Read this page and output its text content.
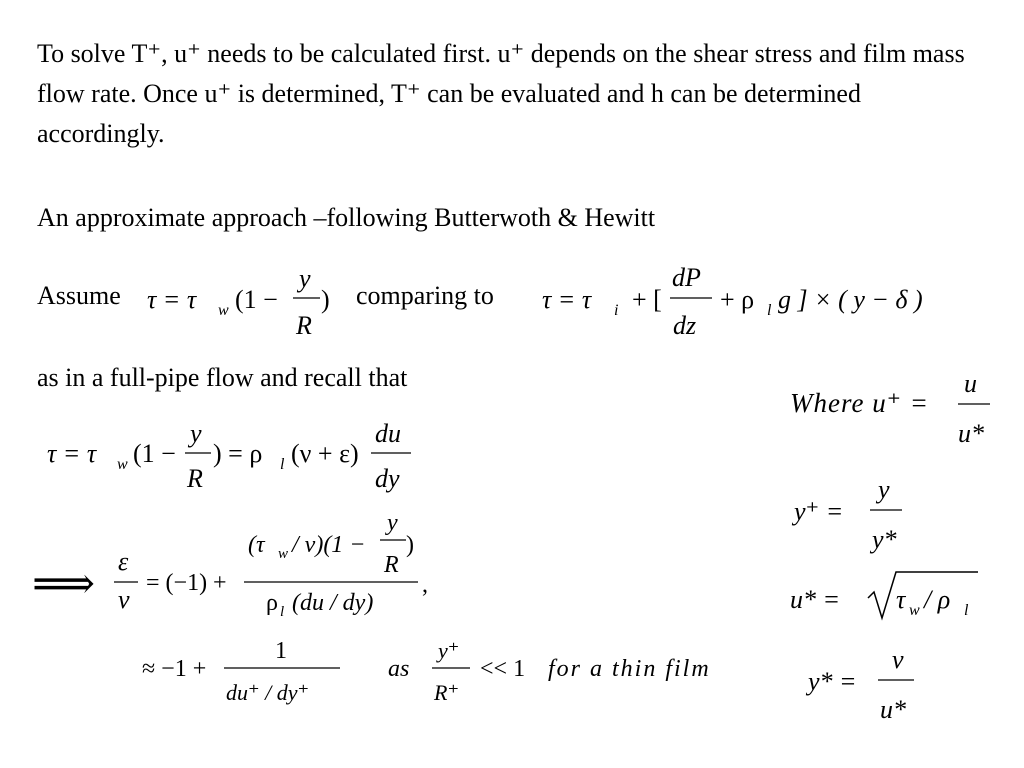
To solve T⁺, u⁺ needs to be calculated first. u⁺ depends on the shear stress and film mass flow rate. Once u⁺ is determined, T⁺ can be evaluated and h can be determined accordingly.
An approximate approach –following Butterwoth & Hewitt
Assume	comparing to
as in a full-pipe flow and recall that
τ = τ w (1 −
y
R
)	τ = τ i + [
dP
dz
+ ρ l g ] × ( y − δ )
τ = τ w (1 −
y
R
) = ρ l (ν + ε)
du
dy
⟹ ε
ν
= (−1) +
(τ w / ν)(1 −
y
R
)
ρ l (du / dy)
,
≈ −1 +
1
du⁺ / dy⁺
as
y⁺
R⁺
<< 1 for a thin film
Where u⁺ =
u
u*
y⁺ =
y
y*
u* = τ w / ρ l
y* =
ν
u*
